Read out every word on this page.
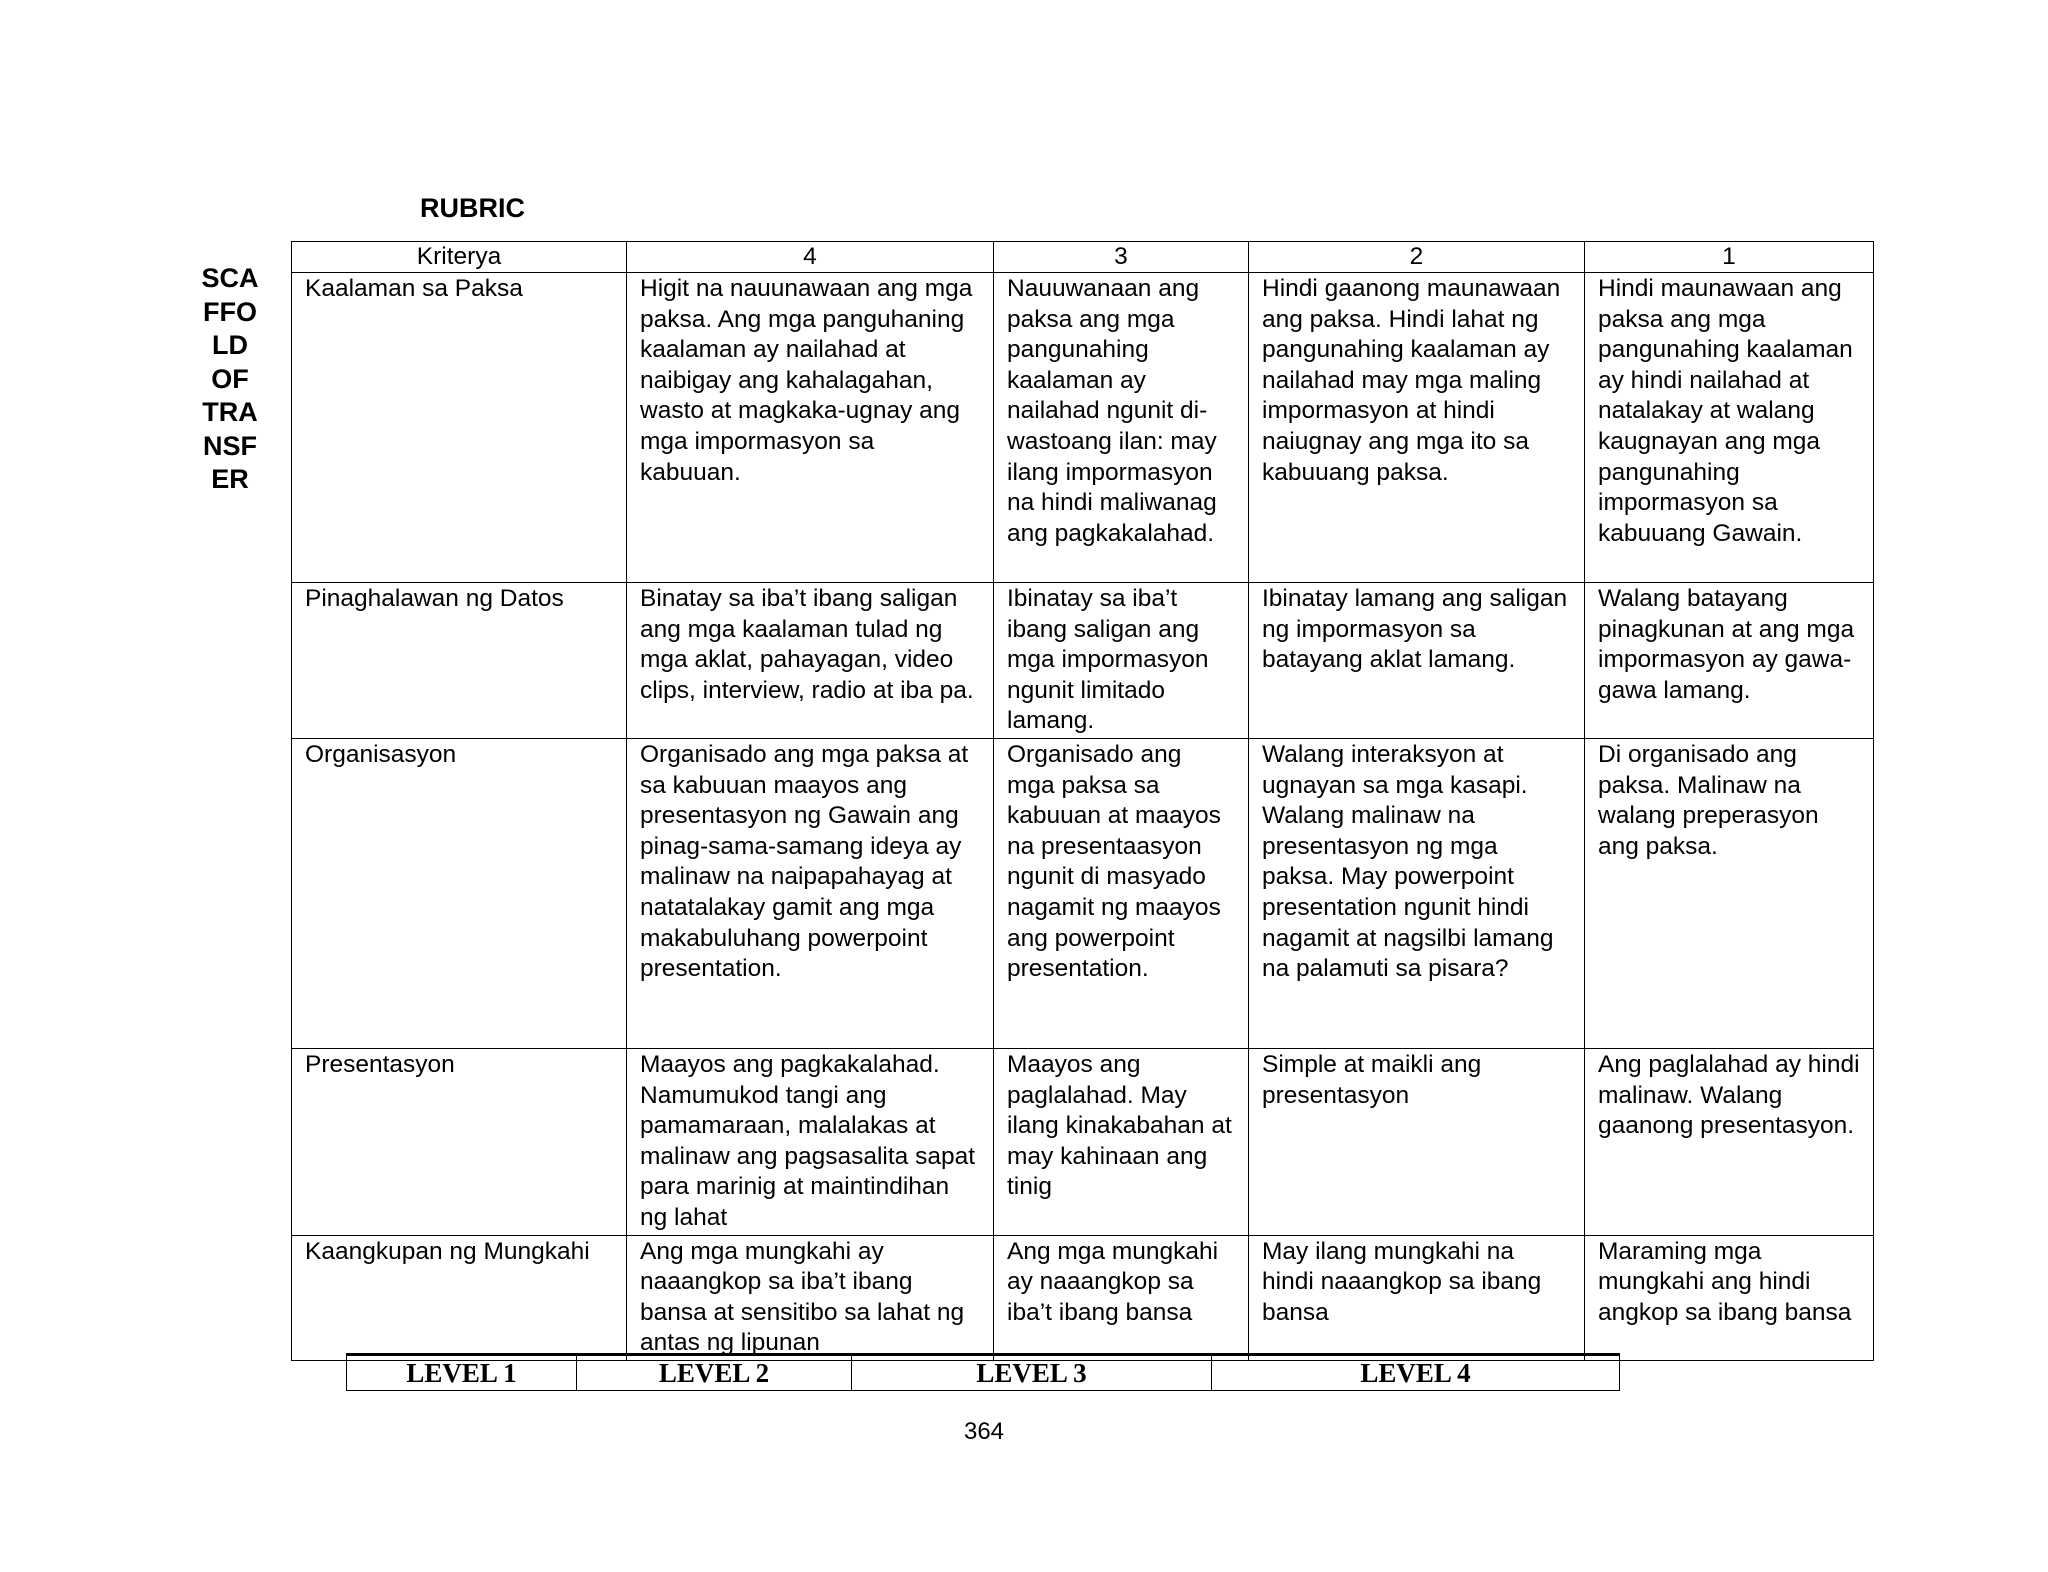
RUBRIC
SCA
FFO
LD
OF
TRA
NSF
ER
Kriterya	4	3	2	1
Kaalaman sa Paksa	Higit na nauunawaan ang mga paksa. Ang mga panguhaning kaalaman ay nailahad at naibigay ang kahalagahan, wasto at magkaka-ugnay ang mga impormasyon sa kabuuan.	Nauuwanaan ang paksa ang mga pangunahing kaalaman ay nailahad ngunit di-wastoang ilan: may ilang impormasyon na hindi maliwanag ang pagkakalahad.	Hindi gaanong maunawaan ang paksa. Hindi lahat ng pangunahing kaalaman ay nailahad may mga maling impormasyon at hindi naiugnay ang mga ito sa kabuuang paksa.	Hindi maunawaan ang paksa ang mga pangunahing kaalaman ay hindi nailahad at natalakay at walang kaugnayan ang mga pangunahing impormasyon sa kabuuang Gawain.
Pinaghalawan ng Datos	Binatay sa iba’t ibang saligan ang mga kaalaman tulad ng mga aklat, pahayagan, video clips, interview, radio at iba pa.	Ibinatay sa iba’t ibang saligan ang mga impormasyon ngunit limitado lamang.	Ibinatay lamang ang saligan ng impormasyon sa batayang aklat lamang.	Walang batayang pinagkunan at ang mga impormasyon ay gawa-gawa lamang.
Organisasyon	Organisado ang mga paksa at sa kabuuan maayos ang presentasyon ng Gawain ang pinag-sama-samang ideya ay malinaw na naipapahayag at natatalakay gamit ang mga makabuluhang powerpoint presentation.	Organisado ang mga paksa sa kabuuan at maayos na presentaasyon ngunit di masyado nagamit ng maayos ang powerpoint presentation.	Walang interaksyon at ugnayan sa mga kasapi. Walang malinaw na presentasyon ng mga paksa. May powerpoint presentation ngunit hindi nagamit at nagsilbi lamang na palamuti sa pisara?	Di organisado ang paksa. Malinaw na walang preperasyon ang paksa.
Presentasyon	Maayos ang pagkakalahad. Namumukod tangi ang pamamaraan, malalakas at malinaw ang pagsasalita sapat para marinig at maintindihan ng lahat	Maayos ang paglalahad. May ilang kinakabahan at may kahinaan ang tinig	Simple at maikli ang presentasyon	Ang paglalahad ay hindi malinaw. Walang gaanong presentasyon.
Kaangkupan ng Mungkahi	Ang mga mungkahi ay naaangkop sa iba’t ibang bansa at sensitibo sa lahat ng antas ng lipunan	Ang mga mungkahi ay naaangkop sa iba’t ibang bansa	May ilang mungkahi na hindi naaangkop sa ibang bansa	Maraming mga mungkahi ang hindi angkop sa ibang bansa
LEVEL 1	LEVEL 2	LEVEL 3	LEVEL 4
364
